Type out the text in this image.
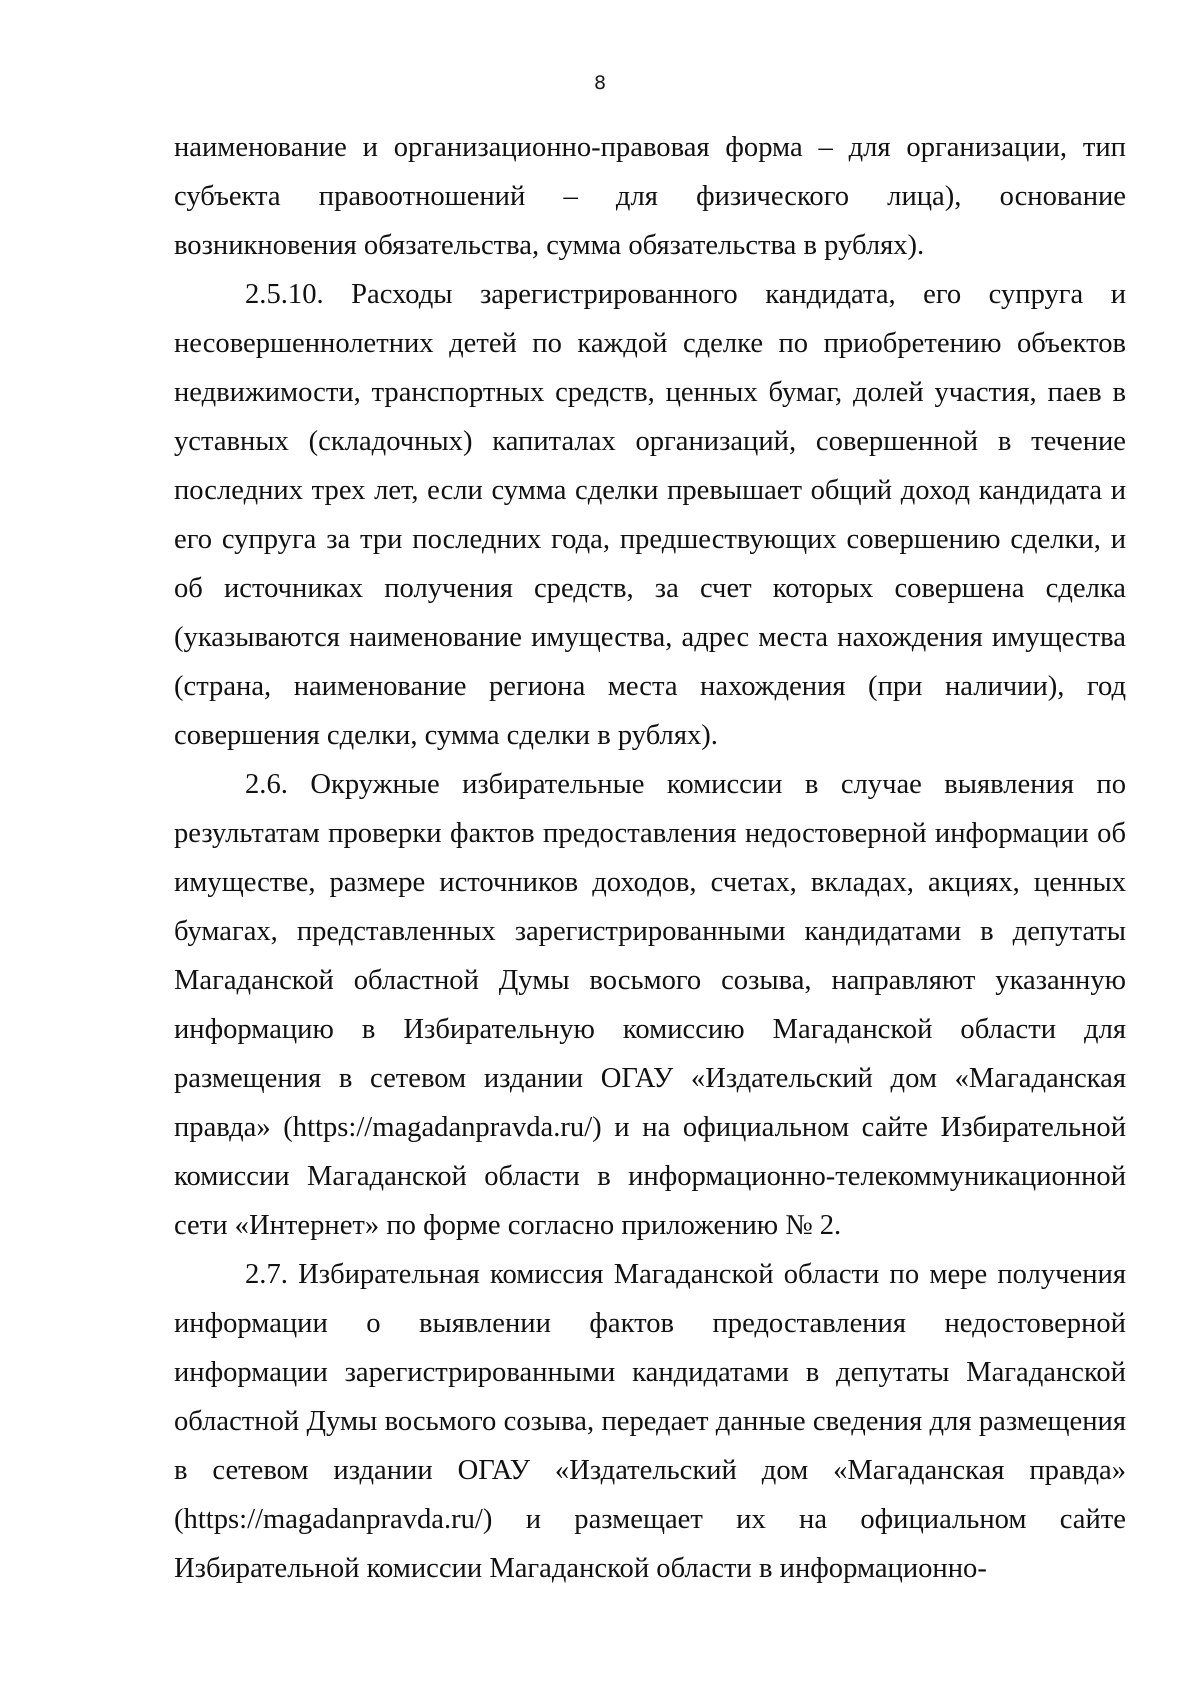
8

наименование и организационно-правовая форма – для организации, тип субъекта правоотношений – для физического лица), основание возникновения обязательства, сумма обязательства в рублях).

2.5.10. Расходы зарегистрированного кандидата, его супруга и несовершеннолетних детей по каждой сделке по приобретению объектов недвижимости, транспортных средств, ценных бумаг, долей участия, паев в уставных (складочных) капиталах организаций, совершенной в течение последних трех лет, если сумма сделки превышает общий доход кандидата и его супруга за три последних года, предшествующих совершению сделки, и об источниках получения средств, за счет которых совершена сделка (указываются наименование имущества, адрес места нахождения имущества (страна, наименование региона места нахождения (при наличии), год совершения сделки, сумма сделки в рублях).

2.6. Окружные избирательные комиссии в случае выявления по результатам проверки фактов предоставления недостоверной информации об имуществе, размере источников доходов, счетах, вкладах, акциях, ценных бумагах, представленных зарегистрированными кандидатами в депутаты Магаданской областной Думы восьмого созыва, направляют указанную информацию в Избирательную комиссию Магаданской области для размещения в сетевом издании ОГАУ «Издательский дом «Магаданская правда» (https://magadanpravda.ru/) и на официальном сайте Избирательной комиссии Магаданской области в информационно-телекоммуникационной сети «Интернет» по форме согласно приложению № 2.

2.7. Избирательная комиссия Магаданской области по мере получения информации о выявлении фактов предоставления недостоверной информации зарегистрированными кандидатами в депутаты Магаданской областной Думы восьмого созыва, передает данные сведения для размещения в сетевом издании ОГАУ «Издательский дом «Магаданская правда» (https://magadanpravda.ru/) и размещает их на официальном сайте Избирательной комиссии Магаданской области в информационно-
